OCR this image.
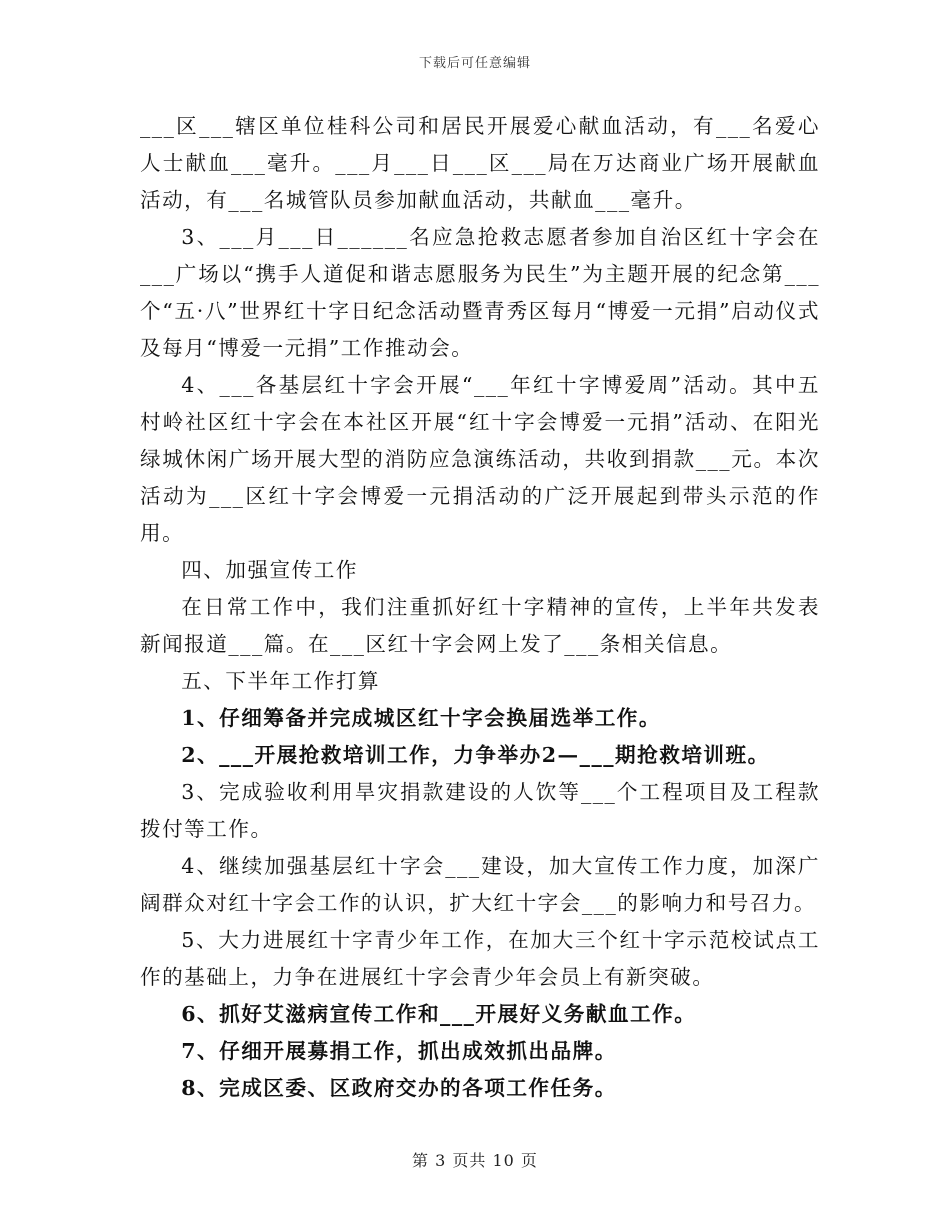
下载后可任意编辑

___区___辖区单位桂科公司和居民开展爱心献血活动，有___名爱心人士献血___毫升。___月___日___区___局在万达商业广场开展献血活动，有___名城管队员参加献血活动，共献血___毫升。

3、___月___日______名应急抢救志愿者参加自治区红十字会在___广场以“携手人道促和谐志愿服务为民生”为主题开展的纪念第___个“五·八”世界红十字日纪念活动暨青秀区每月“博爱一元捐”启动仪式及每月“博爱一元捐”工作推动会。

4、___各基层红十字会开展“___年红十字博爱周”活动。其中五村岭社区红十字会在本社区开展“红十字会博爱一元捐”活动、在阳光绿城休闲广场开展大型的消防应急演练活动，共收到捐款___元。本次活动为___区红十字会博爱一元捐活动的广泛开展起到带头示范的作用。

四、加强宣传工作

在日常工作中，我们注重抓好红十字精神的宣传，上半年共发表新闻报道___篇。在___区红十字会网上发了___条相关信息。

五、下半年工作打算

1、仔细筹备并完成城区红十字会换届选举工作。

2、___开展抢救培训工作，力争举办2—___期抢救培训班。

3、完成验收利用旱灾捐款建设的人饮等___个工程项目及工程款拨付等工作。

4、继续加强基层红十字会___建设，加大宣传工作力度，加深广阔群众对红十字会工作的认识，扩大红十字会___的影响力和号召力。

5、大力进展红十字青少年工作，在加大三个红十字示范校试点工作的基础上，力争在进展红十字会青少年会员上有新突破。

6、抓好艾滋病宣传工作和___开展好义务献血工作。

7、仔细开展募捐工作，抓出成效抓出品牌。

8、完成区委、区政府交办的各项工作任务。

第 3 页共 10 页
